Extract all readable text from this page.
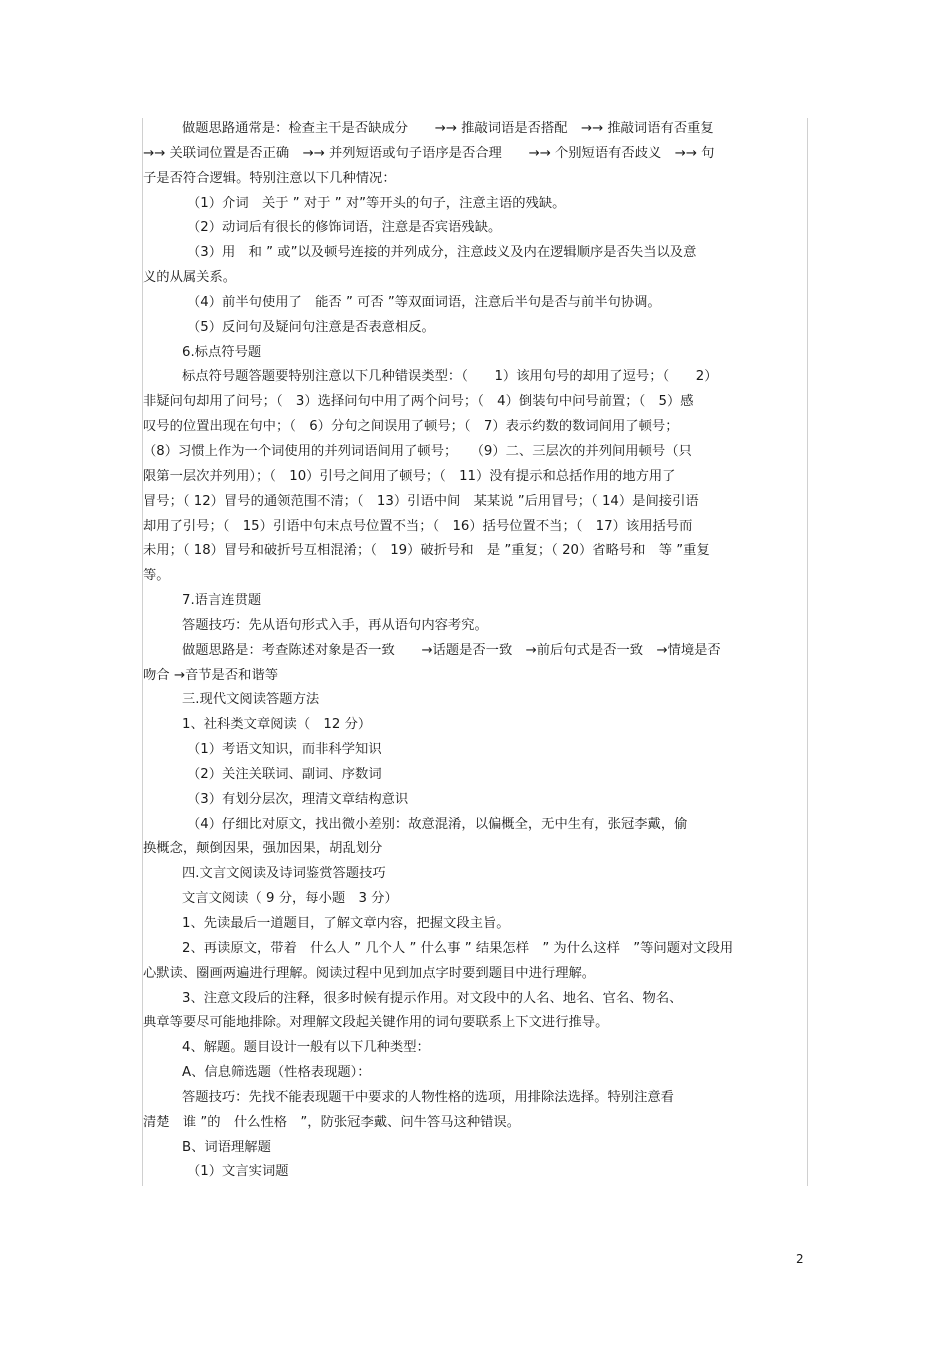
做题思路通常是：检查主干是否缺成分　　→→ 推敲词语是否搭配　→→ 推敲词语有否重复
→→ 关联词位置是否正确　→→ 并列短语或句子语序是否合理　　→→ 个别短语有否歧义　→→ 句
子是否符合逻辑。特别注意以下几种情况：
（1）介词　关于 ” 对于 ” 对”等开头的句子，注意主语的残缺。
（2）动词后有很长的修饰词语，注意是否宾语残缺。
（3）用　和 ” 或”以及顿号连接的并列成分，注意歧义及内在逻辑顺序是否失当以及意
义的从属关系。
（4）前半句使用了　能否 ” 可否 ”等双面词语，注意后半句是否与前半句协调。
（5）反问句及疑问句注意是否表意相反。
6.标点符号题
标点符号题答题要特别注意以下几种错误类型：（　　1）该用句号的却用了逗号；（　　2）
非疑问句却用了问号；（　3）选择问句中用了两个问号；（　4）倒装句中问号前置；（　5）感
叹号的位置出现在句中；（　6）分句之间误用了顿号；（　7）表示约数的数词间用了顿号；
（8）习惯上作为一个词使用的并列词语间用了顿号；　　（9）二、三层次的并列间用顿号（只
限第一层次并列用）；（　10）引号之间用了顿号；（　11）没有提示和总括作用的地方用了
冒号；（ 12）冒号的通领范围不清；（　13）引语中间　某某说 ”后用冒号；（ 14）是间接引语
却用了引号；（　15）引语中句末点号位置不当；（　16）括号位置不当；（　17）该用括号而
未用；（ 18）冒号和破折号互相混淆；（　19）破折号和　是 ”重复；（ 20）省略号和　等 ”重复
等。
7.语言连贯题
答题技巧：先从语句形式入手，再从语句内容考究。
做题思路是：考查陈述对象是否一致　　→话题是否一致　→前后句式是否一致　→情境是否
吻合 →音节是否和谐等
三.现代文阅读答题方法
1、社科类文章阅读（　12 分）
（1）考语文知识，而非科学知识
（2）关注关联词、副词、序数词
（3）有划分层次，理清文章结构意识
（4）仔细比对原文，找出微小差别：故意混淆，以偏概全，无中生有，张冠李戴，偷
换概念，颠倒因果，强加因果，胡乱划分
四.文言文阅读及诗词鉴赏答题技巧
文言文阅读（ 9 分，每小题　3 分）
1、先读最后一道题目，了解文章内容，把握文段主旨。
2、再读原文，带着　什么人 ” 几个人 ” 什么事 ” 结果怎样　” 为什么这样　”等问题对文段用
心默读、圈画两遍进行理解。阅读过程中见到加点字时要到题目中进行理解。
3、注意文段后的注释，很多时候有提示作用。对文段中的人名、地名、官名、物名、
典章等要尽可能地排除。对理解文段起关键作用的词句要联系上下文进行推导。
4、解题。题目设计一般有以下几种类型：
A、信息筛选题（性格表现题）：
答题技巧：先找不能表现题干中要求的人物性格的选项，用排除法选择。特别注意看
清楚　谁 ”的　什么性格　”，防张冠李戴、问牛答马这种错误。
B、词语理解题
（1）文言实词题
2
